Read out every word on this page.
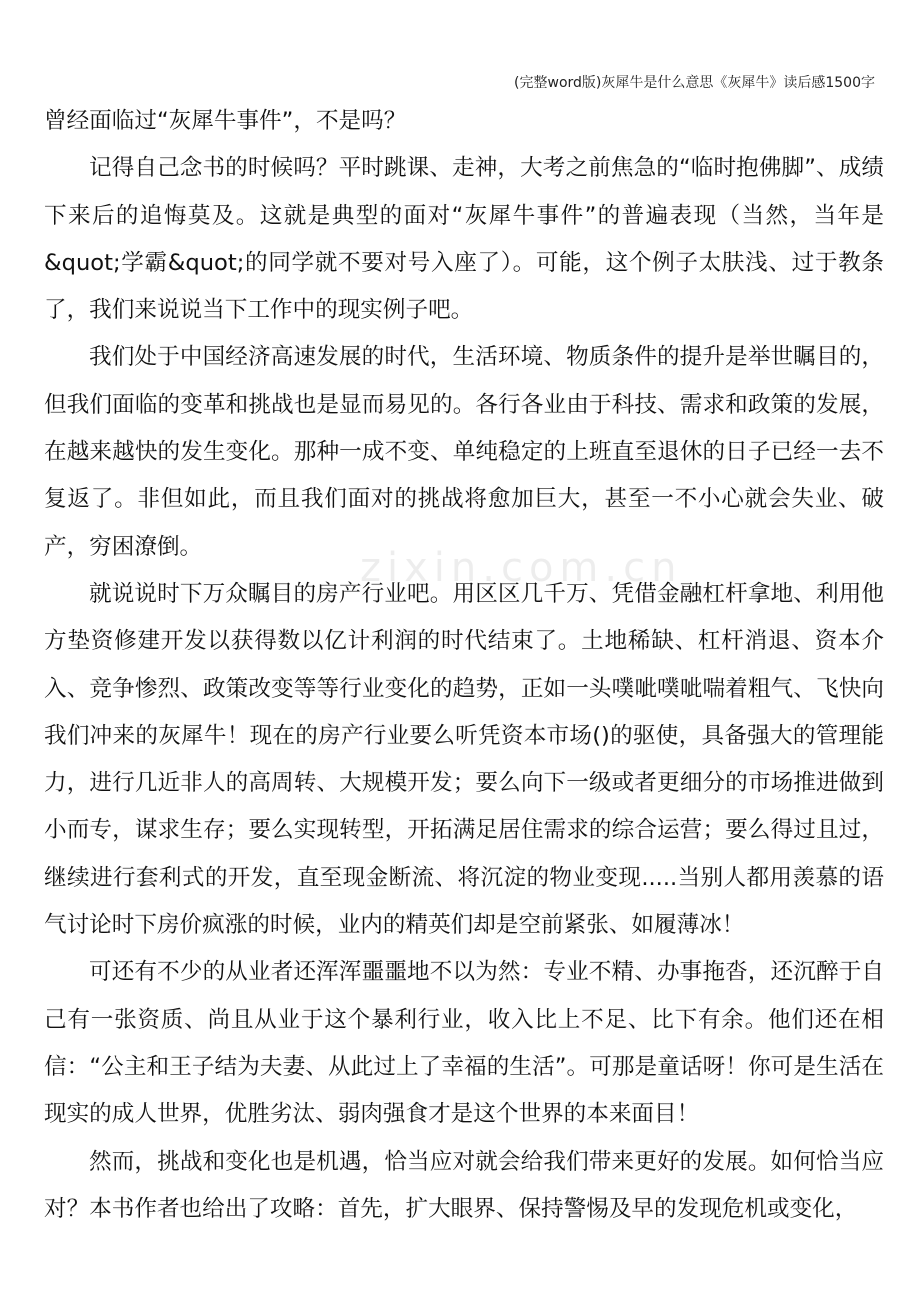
(完整word版)灰犀牛是什么意思《灰犀牛》读后感1500字
zixin.com.cn

曾经面临过“灰犀牛事件”，不是吗？

记得自己念书的时候吗？平时跳课、走神，大考之前焦急的“临时抱佛脚”、成绩下来后的追悔莫及。这就是典型的面对“灰犀牛事件”的普遍表现（当然，当年是&quot;学霸&quot;的同学就不要对号入座了）。可能，这个例子太肤浅、过于教条了，我们来说说当下工作中的现实例子吧。

我们处于中国经济高速发展的时代，生活环境、物质条件的提升是举世瞩目的，但我们面临的变革和挑战也是显而易见的。各行各业由于科技、需求和政策的发展，在越来越快的发生变化。那种一成不变、单纯稳定的上班直至退休的日子已经一去不复返了。非但如此，而且我们面对的挑战将愈加巨大，甚至一不小心就会失业、破产，穷困潦倒。

就说说时下万众瞩目的房产行业吧。用区区几千万、凭借金融杠杆拿地、利用他方垫资修建开发以获得数以亿计利润的时代结束了。土地稀缺、杠杆消退、资本介入、竞争惨烈、政策改变等等行业变化的趋势，正如一头噗呲噗呲喘着粗气、飞快向我们冲来的灰犀牛！现在的房产行业要么听凭资本市场()的驱使，具备强大的管理能力，进行几近非人的高周转、大规模开发；要么向下一级或者更细分的市场推进做到小而专，谋求生存；要么实现转型，开拓满足居住需求的综合运营；要么得过且过，继续进行套利式的开发，直至现金断流、将沉淀的物业变现.....当别人都用羡慕的语气讨论时下房价疯涨的时候，业内的精英们却是空前紧张、如履薄冰！

可还有不少的从业者还浑浑噩噩地不以为然：专业不精、办事拖沓，还沉醉于自己有一张资质、尚且从业于这个暴利行业，收入比上不足、比下有余。他们还在相信：“公主和王子结为夫妻、从此过上了幸福的生活”。可那是童话呀！你可是生活在现实的成人世界，优胜劣汰、弱肉强食才是这个世界的本来面目！

然而，挑战和变化也是机遇，恰当应对就会给我们带来更好的发展。如何恰当应对？本书作者也给出了攻略：首先，扩大眼界、保持警惕及早的发现危机或变化，
